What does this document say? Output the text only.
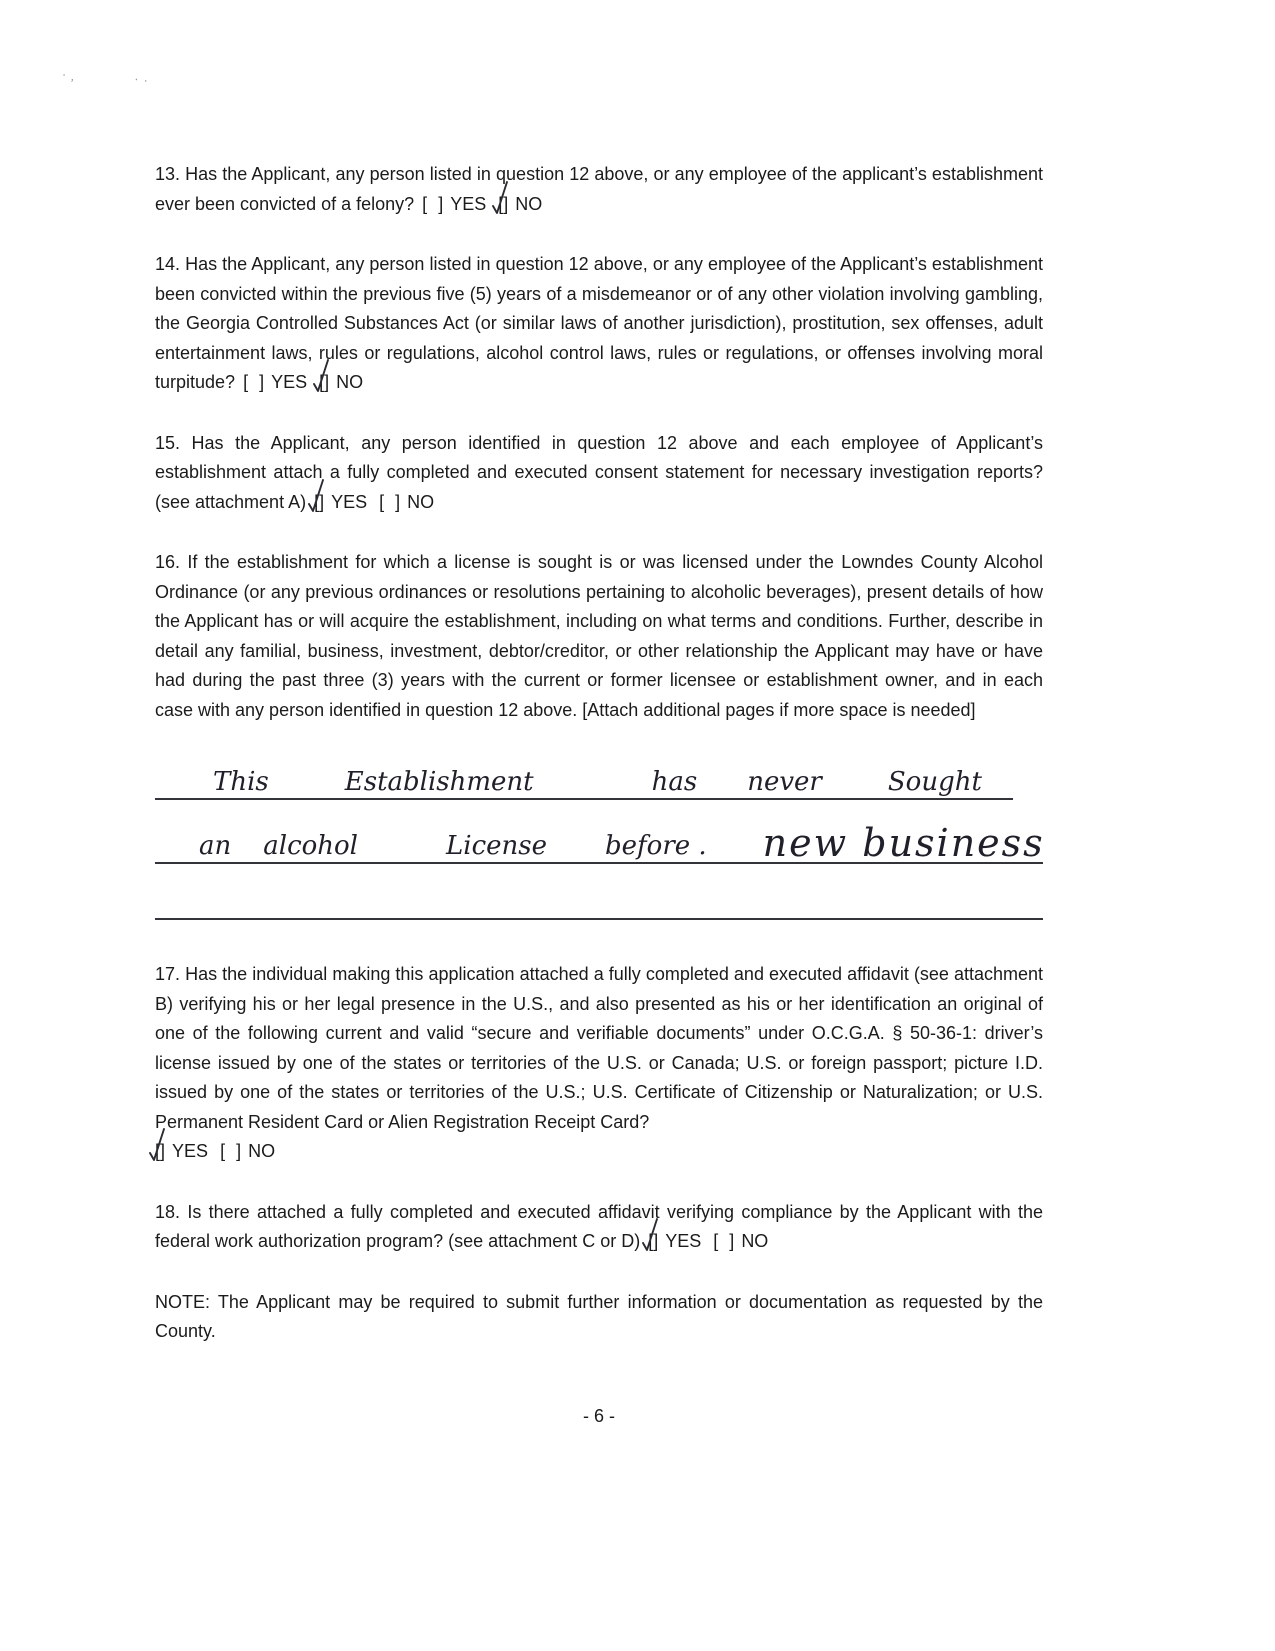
·,	·.

13. Has the Applicant, any person listed in question 12 above, or any employee of the applicant’s establishment ever been convicted of a felony? [ ] YES [] NO

14. Has the Applicant, any person listed in question 12 above, or any employee of the Applicant’s establishment been convicted within the previous five (5) years of a misdemeanor or of any other violation involving gambling, the Georgia Controlled Substances Act (or similar laws of another jurisdiction), prostitution, sex offenses, adult entertainment laws, rules or regulations, alcohol control laws, rules or regulations, or offenses involving moral turpitude? [ ] YES [] NO

15. Has the Applicant, any person identified in question 12 above and each employee of Applicant’s establishment attach a fully completed and executed consent statement for necessary investigation reports? (see attachment A) [] YES [ ] NO

16. If the establishment for which a license is sought is or was licensed under the Lowndes County Alcohol Ordinance (or any previous ordinances or resolutions pertaining to alcoholic beverages), present details of how the Applicant has or will acquire the establishment, including on what terms and conditions. Further, describe in detail any familial, business, investment, debtor/creditor, or other relationship the Applicant may have or have had during the past three (3) years with the current or former licensee or establishment owner, and in each case with any person identified in question 12 above. [Attach additional pages if more space is needed]

This	Establishment	has never	Sought
an alcohol	License before . new business

17. Has the individual making this application attached a fully completed and executed affidavit (see attachment B) verifying his or her legal presence in the U.S., and also presented as his or her identification an original of one of the following current and valid “secure and verifiable documents” under O.C.G.A. § 50-36-1: driver’s license issued by one of the states or territories of the U.S. or Canada; U.S. or foreign passport; picture I.D. issued by one of the states or territories of the U.S.; U.S. Certificate of Citizenship or Naturalization; or U.S. Permanent Resident Card or Alien Registration Receipt Card?
[] YES [ ] NO

18. Is there attached a fully completed and executed affidavit verifying compliance by the Applicant with the federal work authorization program? (see attachment C or D) [] YES [ ] NO

NOTE: The Applicant may be required to submit further information or documentation as requested by the County.

- 6 -
